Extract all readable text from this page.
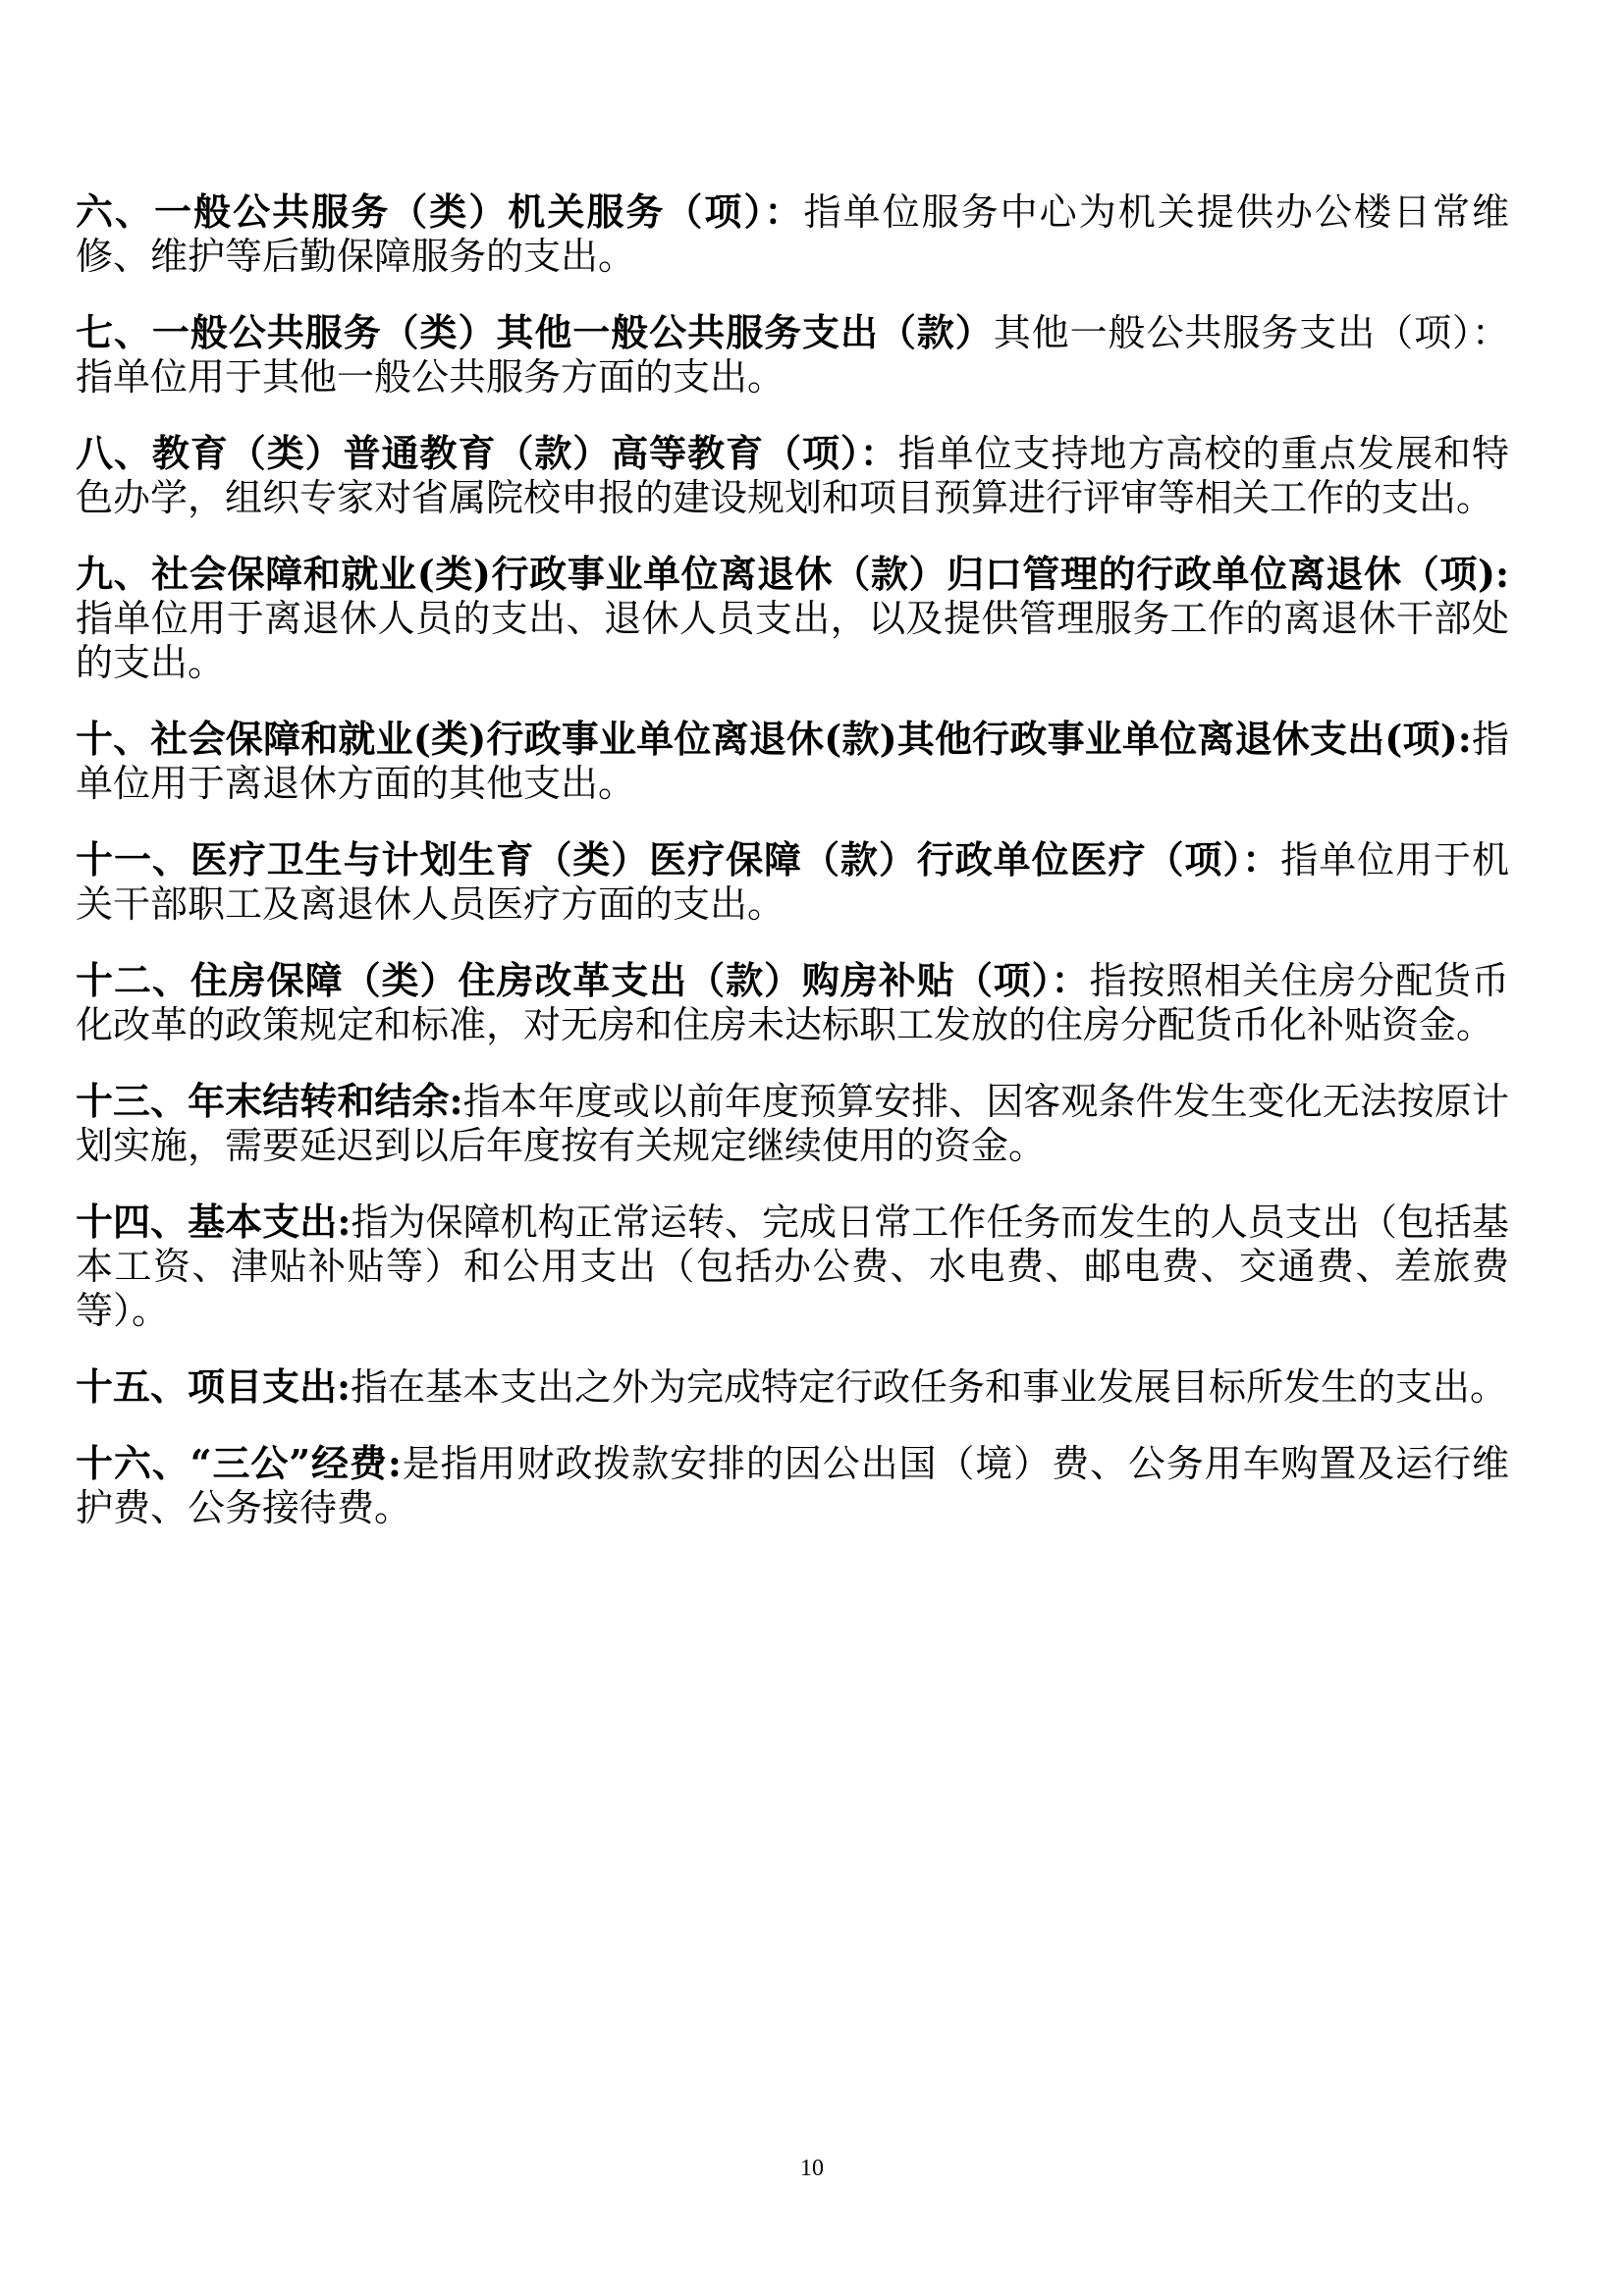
六、一般公共服务（类）机关服务（项）：指单位服务中心为机关提供办公楼日常维修、维护等后勤保障服务的支出。

七、一般公共服务（类）其他一般公共服务支出（款）其他一般公共服务支出（项）：指单位用于其他一般公共服务方面的支出。

八、教育（类）普通教育（款）高等教育（项）：指单位支持地方高校的重点发展和特色办学，组织专家对省属院校申报的建设规划和项目预算进行评审等相关工作的支出。

九、社会保障和就业(类)行政事业单位离退休（款）归口管理的行政单位离退休（项):指单位用于离退休人员的支出、退休人员支出，以及提供管理服务工作的离退休干部处的支出。

十、社会保障和就业(类)行政事业单位离退休(款)其他行政事业单位离退休支出(项):指单位用于离退休方面的其他支出。

十一、医疗卫生与计划生育（类）医疗保障（款）行政单位医疗（项）：指单位用于机关干部职工及离退休人员医疗方面的支出。

十二、住房保障（类）住房改革支出（款）购房补贴（项）：指按照相关住房分配货币化改革的政策规定和标准，对无房和住房未达标职工发放的住房分配货币化补贴资金。

十三、年末结转和结余:指本年度或以前年度预算安排、因客观条件发生变化无法按原计划实施，需要延迟到以后年度按有关规定继续使用的资金。

十四、基本支出:指为保障机构正常运转、完成日常工作任务而发生的人员支出（包括基本工资、津贴补贴等）和公用支出（包括办公费、水电费、邮电费、交通费、差旅费等）。

十五、项目支出:指在基本支出之外为完成特定行政任务和事业发展目标所发生的支出。

十六、“三公”经费:是指用财政拨款安排的因公出国（境）费、公务用车购置及运行维护费、公务接待费。

10
